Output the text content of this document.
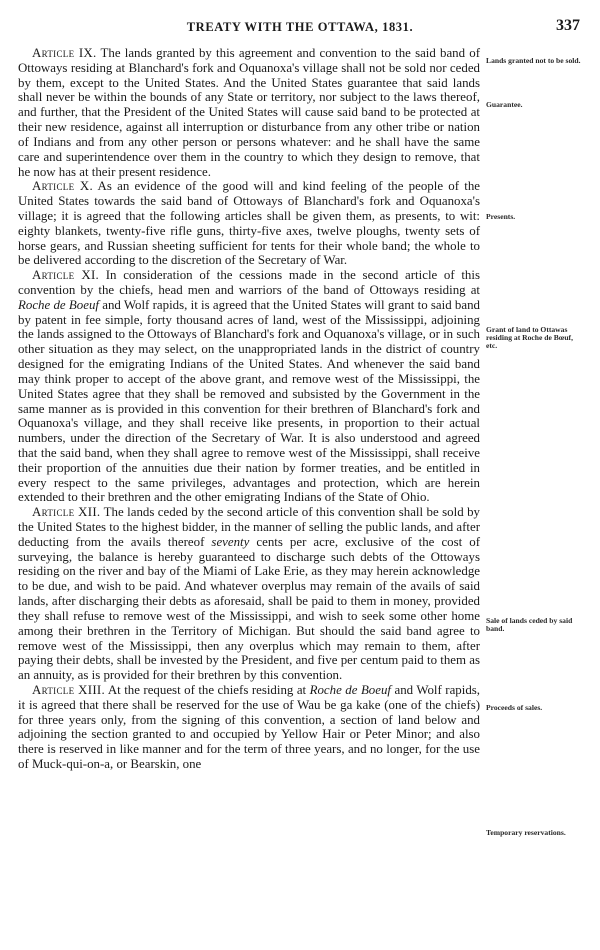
TREATY WITH THE OTTAWA, 1831.	337

Article IX. The lands granted by this agreement and convention to the said band of Ottoways residing at Blanchard's fork and Oquanoxa's village shall not be sold nor ceded by them, except to the United States. And the United States guarantee that said lands shall never be within the bounds of any State or territory, nor subject to the laws thereof, and further, that the President of the United States will cause said band to be protected at their new residence, against all interruption or disturbance from any other tribe or nation of Indians and from any other person or persons whatever: and he shall have the same care and superintendence over them in the country to which they design to remove, that he now has at their present residence.

Article X. As an evidence of the good will and kind feeling of the people of the United States towards the said band of Ottoways of Blanchard's fork and Oquanoxa's village; it is agreed that the following articles shall be given them, as presents, to wit: eighty blankets, twenty-five rifle guns, thirty-five axes, twelve ploughs, twenty sets of horse gears, and Russian sheeting sufficient for tents for their whole band; the whole to be delivered according to the discretion of the Secretary of War.

Article XI. In consideration of the cessions made in the second article of this convention by the chiefs, head men and warriors of the band of Ottoways residing at Roche de Boeuf and Wolf rapids, it is agreed that the United States will grant to said band by patent in fee simple, forty thousand acres of land, west of the Mississippi, adjoining the lands assigned to the Ottoways of Blanchard's fork and Oquanoxa's village, or in such other situation as they may select, on the unappropriated lands in the district of country designed for the emigrating Indians of the United States. And whenever the said band may think proper to accept of the above grant, and remove west of the Mississippi, the United States agree that they shall be removed and subsisted by the Government in the same manner as is provided in this convention for their brethren of Blanchard's fork and Oquanoxa's village, and they shall receive like presents, in proportion to their actual numbers, under the direction of the Secretary of War. It is also understood and agreed that the said band, when they shall agree to remove west of the Mississippi, shall receive their proportion of the annuities due their nation by former treaties, and be entitled in every respect to the same privileges, advantages and protection, which are herein extended to their brethren and the other emigrating Indians of the State of Ohio.

Article XII. The lands ceded by the second article of this convention shall be sold by the United States to the highest bidder, in the manner of selling the public lands, and after deducting from the avails thereof seventy cents per acre, exclusive of the cost of surveying, the balance is hereby guaranteed to discharge such debts of the Ottoways residing on the river and bay of the Miami of Lake Erie, as they may herein acknowledge to be due, and wish to be paid. And whatever overplus may remain of the avails of said lands, after discharging their debts as aforesaid, shall be paid to them in money, provided they shall refuse to remove west of the Mississippi, and wish to seek some other home among their brethren in the Territory of Michigan. But should the said band agree to remove west of the Mississippi, then any overplus which may remain to them, after paying their debts, shall be invested by the President, and five per centum paid to them as an annuity, as is provided for their brethren by this convention.

Article XIII. At the request of the chiefs residing at Roche de Boeuf and Wolf rapids, it is agreed that there shall be reserved for the use of Wau be ga kake (one of the chiefs) for three years only, from the signing of this convention, a section of land below and adjoining the section granted to and occupied by Yellow Hair or Peter Minor; and also there is reserved in like manner and for the term of three years, and no longer, for the use of Muck-qui-on-a, or Bearskin, one

Lands granted not to be sold.
Guarantee.
Presents.
Grant of land to Ottawas residing at Roche de Bœuf, etc.
Sale of lands ceded by said band.
Proceeds of sales.
Temporary reservations.
